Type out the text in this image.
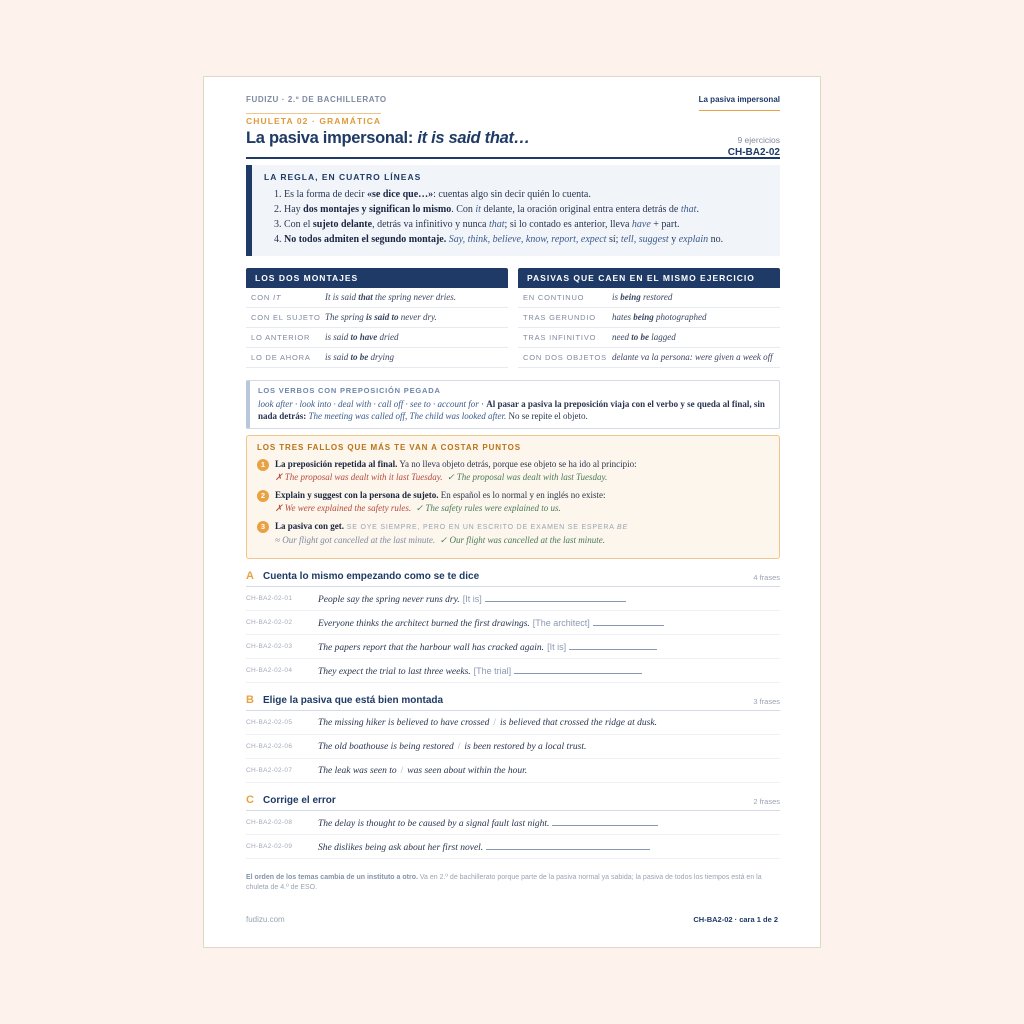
FUDIZU · 2.º DE BACHILLERATO	La pasiva impersonal
CHULETA 02 · GRAMÁTICA
La pasiva impersonal: it is said that…	9 ejercicios
CH-BA2-02
LA REGLA, EN CUATRO LÍNEAS
1. Es la forma de decir «se dice que…»: cuentas algo sin decir quién lo cuenta.
2. Hay dos montajes y significan lo mismo. Con it delante, la oración original entra entera detrás de that.
3. Con el sujeto delante, detrás va infinitivo y nunca that; si lo contado es anterior, lleva have + part.
4. No todos admiten el segundo montaje. Say, think, believe, know, report, expect sí; tell, suggest y explain no.
LOS DOS MONTAJES
CON IT	It is said that the spring never dries.
CON EL SUJETO The spring is said to never dry.
LO ANTERIOR	is said to have dried
LO DE AHORA	is said to be drying
PASIVAS QUE CAEN EN EL MISMO EJERCICIO
EN CONTINUO	is being restored
TRAS GERUNDIO	hates being photographed
TRAS INFINITIVO	need to be lagged
CON DOS OBJETOS delante va la persona: were given a week off
LOS VERBOS CON PREPOSICIÓN PEGADA

look after · look into · deal with · call off · see to · account for · Al pasar a pasiva la preposición viaja con el verbo y se queda al final, sin nada detrás: The meeting was called off, The child was looked after. No se repite el objeto.

LOS TRES FALLOS QUE MÁS TE VAN A COSTAR PUNTOS
1	La preposición repetida al final. Ya no lleva objeto detrás, porque ese objeto se ha ido al principio:
✗ The proposal was dealt with it last Tuesday. ✓ The proposal was dealt with last Tuesday.
2	Explain y suggest con la persona de sujeto. En español es lo normal y en inglés no existe:
✗ We were explained the safety rules. ✓ The safety rules were explained to us.
3	La pasiva con get. SE OYE SIEMPRE, PERO EN UN ESCRITO DE EXAMEN SE ESPERA BE
≈ Our flight got cancelled at the last minute. ✓ Our flight was cancelled at the last minute.
A Cuenta lo mismo empezando como se te dice	4 frases
CH-BA2-02-01	People say the spring never runs dry. [It is]
CH-BA2-02-02	Everyone thinks the architect burned the first drawings. [The architect]
CH-BA2-02-03	The papers report that the harbour wall has cracked again. [It is]
CH-BA2-02-04	They expect the trial to last three weeks. [The trial]
B Elige la pasiva que está bien montada	3 frases
CH-BA2-02-05	The missing hiker is believed to have crossed / is believed that crossed the ridge at dusk.
CH-BA2-02-06	The old boathouse is being restored / is been restored by a local trust.
CH-BA2-02-07	The leak was seen to / was seen about within the hour.
C Corrige el error	2 frases
CH-BA2-02-08	The delay is thought to be caused by a signal fault last night.
CH-BA2-02-09	She dislikes being ask about her first novel.
El orden de los temas cambia de un instituto a otro. Va en 2.º de bachillerato porque parte de la pasiva normal ya sabida; la pasiva de todos los tiempos está en la chuleta de 4.º de ESO.
fudizu.com	CH-BA2-02 · cara 1 de 2
